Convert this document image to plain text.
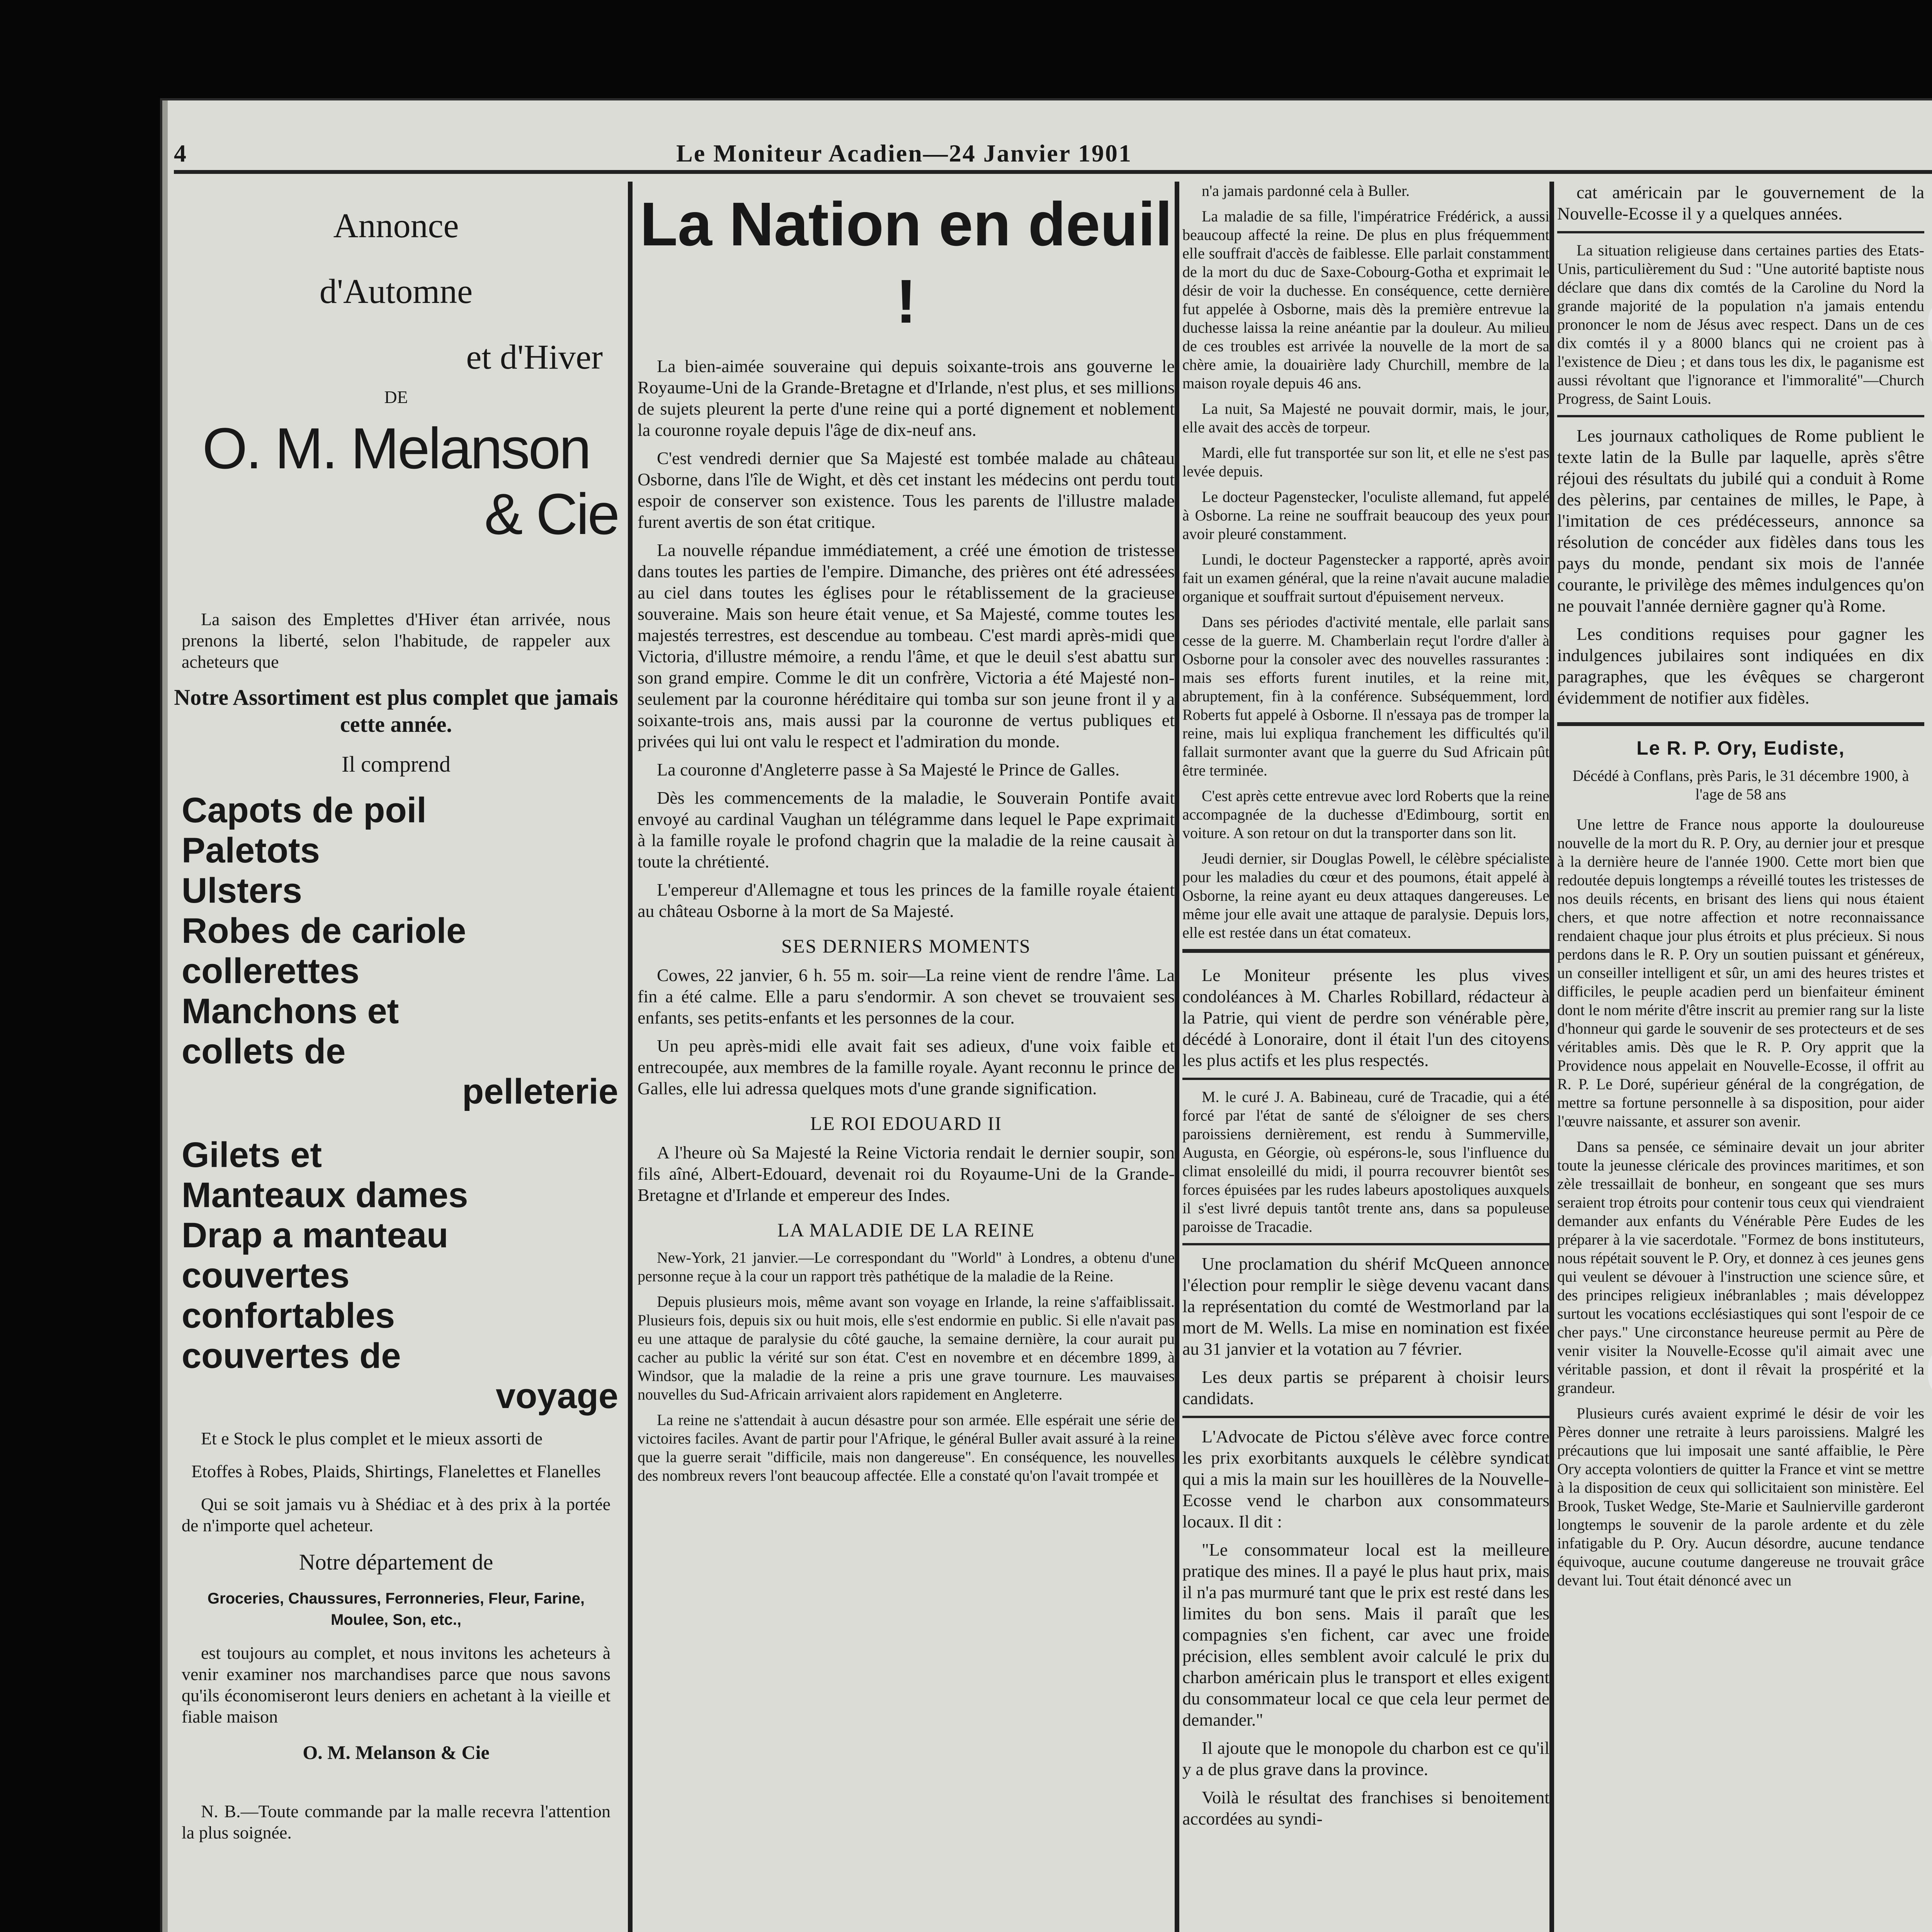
4	Le Moniteur Acadien—24 Janvier 1901
Annonce
d'Automne
et d'Hiver
DE
O. M. Melanson
& Cie

La saison des Emplettes d'Hiver étan arrivée, nous prenons la liberté, selon l'habitude, de rappeler aux acheteurs que

Notre Assortiment est plus complet que jamais cette année.
Il comprend
Capots de poil
Paletots
Ulsters
Robes de cariole
collerettes
Manchons et
collets de
pelleterie
Gilets et
Manteaux dames
Drap a manteau
couvertes
confortables
couvertes de
voyage

Et e Stock le plus complet et le mieux assorti de

Etoffes à Robes, Plaids, Shirtings, Flanelettes et Flanelles

Qui se soit jamais vu à Shédiac et à des prix à la portée de n'importe quel acheteur.

Notre département de

Groceries, Chaussures, Ferronneries, Fleur, Farine, Moulee, Son, etc.,

est toujours au complet, et nous invitons les acheteurs à venir examiner nos marchandises parce que nous savons qu'ils économiseront leurs deniers en achetant à la vieille et fiable maison

O. M. Melanson & Cie

N. B.—Toute commande par la malle recevra l'attention la plus soignée.

La Nation en deuil !

La bien-aimée souveraine qui depuis soixante-trois ans gouverne le Royaume-Uni de la Grande-Bretagne et d'Irlande, n'est plus, et ses millions de sujets pleurent la perte d'une reine qui a porté dignement et noblement la couronne royale depuis l'âge de dix-neuf ans.

C'est vendredi dernier que Sa Majesté est tombée malade au château Osborne, dans l'île de Wight, et dès cet instant les médecins ont perdu tout espoir de conserver son existence. Tous les parents de l'illustre malade furent avertis de son état critique.

La nouvelle répandue immédiatement, a créé une émotion de tristesse dans toutes les parties de l'empire. Dimanche, des prières ont été adressées au ciel dans toutes les églises pour le rétablissement de la gracieuse souveraine. Mais son heure était venue, et Sa Majesté, comme toutes les majestés terrestres, est descendue au tombeau. C'est mardi après-midi que Victoria, d'illustre mémoire, a rendu l'âme, et que le deuil s'est abattu sur son grand empire. Comme le dit un confrère, Victoria a été Majesté non-seulement par la couronne héréditaire qui tomba sur son jeune front il y a soixante-trois ans, mais aussi par la couronne de vertus publiques et privées qui lui ont valu le respect et l'admiration du monde.

La couronne d'Angleterre passe à Sa Majesté le Prince de Galles.

Dès les commencements de la maladie, le Souverain Pontife avait envoyé au cardinal Vaughan un télégramme dans lequel le Pape exprimait à la famille royale le profond chagrin que la maladie de la reine causait à toute la chrétienté.

L'empereur d'Allemagne et tous les princes de la famille royale étaient au château Osborne à la mort de Sa Majesté.

SES DERNIERS MOMENTS

Cowes, 22 janvier, 6 h. 55 m. soir—La reine vient de rendre l'âme. La fin a été calme. Elle a paru s'endormir. A son chevet se trouvaient ses enfants, ses petits-enfants et les personnes de la cour.

Un peu après-midi elle avait fait ses adieux, d'une voix faible et entrecoupée, aux membres de la famille royale. Ayant reconnu le prince de Galles, elle lui adressa quelques mots d'une grande signification.

LE ROI EDOUARD II

A l'heure où Sa Majesté la Reine Victoria rendait le dernier soupir, son fils aîné, Albert-Edouard, devenait roi du Royaume-Uni de la Grande-Bretagne et d'Irlande et empereur des Indes.

LA MALADIE DE LA REINE

New-York, 21 janvier.—Le correspondant du "World" à Londres, a obtenu d'une personne reçue à la cour un rapport très pathétique de la maladie de la Reine.

Depuis plusieurs mois, même avant son voyage en Irlande, la reine s'affaiblissait. Plusieurs fois, depuis six ou huit mois, elle s'est endormie en public. Si elle n'avait pas eu une attaque de paralysie du côté gauche, la semaine dernière, la cour aurait pu cacher au public la vérité sur son état. C'est en novembre et en décembre 1899, à Windsor, que la maladie de la reine a pris une grave tournure. Les mauvaises nouvelles du Sud-Africain arrivaient alors rapidement en Angleterre.

La reine ne s'attendait à aucun désastre pour son armée. Elle espérait une série de victoires faciles. Avant de partir pour l'Afrique, le général Buller avait assuré à la reine que la guerre serait "difficile, mais non dangereuse". En conséquence, les nouvelles des nombreux revers l'ont beaucoup affectée. Elle a constaté qu'on l'avait trompée et

n'a jamais pardonné cela à Buller.

La maladie de sa fille, l'impératrice Frédérick, a aussi beaucoup affecté la reine. De plus en plus fréquemment elle souffrait d'accès de faiblesse. Elle parlait constamment de la mort du duc de Saxe-Cobourg-Gotha et exprimait le désir de voir la duchesse. En conséquence, cette dernière fut appelée à Osborne, mais dès la première entrevue la duchesse laissa la reine anéantie par la douleur. Au milieu de ces troubles est arrivée la nouvelle de la mort de sa chère amie, la douairière lady Churchill, membre de la maison royale depuis 46 ans.

La nuit, Sa Majesté ne pouvait dormir, mais, le jour, elle avait des accès de torpeur.

Mardi, elle fut transportée sur son lit, et elle ne s'est pas levée depuis.

Le docteur Pagenstecker, l'oculiste allemand, fut appelé à Osborne. La reine ne souffrait beaucoup des yeux pour avoir pleuré constamment.

Lundi, le docteur Pagenstecker a rapporté, après avoir fait un examen général, que la reine n'avait aucune maladie organique et souffrait surtout d'épuisement nerveux.

Dans ses périodes d'activité mentale, elle parlait sans cesse de la guerre. M. Chamberlain reçut l'ordre d'aller à Osborne pour la consoler avec des nouvelles rassurantes : mais ses efforts furent inutiles, et la reine mit, abruptement, fin à la conférence. Subséquemment, lord Roberts fut appelé à Osborne. Il n'essaya pas de tromper la reine, mais lui expliqua franchement les difficultés qu'il fallait surmonter avant que la guerre du Sud Africain pût être terminée.

C'est après cette entrevue avec lord Roberts que la reine accompagnée de la duchesse d'Edimbourg, sortit en voiture. A son retour on dut la transporter dans son lit.

Jeudi dernier, sir Douglas Powell, le célèbre spécialiste pour les maladies du cœur et des poumons, était appelé à Osborne, la reine ayant eu deux attaques dangereuses. Le même jour elle avait une attaque de paralysie. Depuis lors, elle est restée dans un état comateux.

Le Moniteur présente les plus vives condoléances à M. Charles Robillard, rédacteur à la Patrie, qui vient de perdre son vénérable père, décédé à Lonoraire, dont il était l'un des citoyens les plus actifs et les plus respectés.

M. le curé J. A. Babineau, curé de Tracadie, qui a été forcé par l'état de santé de s'éloigner de ses chers paroissiens dernièrement, est rendu à Summerville, Augusta, en Géorgie, où espérons-le, sous l'influence du climat ensoleillé du midi, il pourra recouvrer bientôt ses forces épuisées par les rudes labeurs apostoliques auxquels il s'est livré depuis tantôt trente ans, dans sa populeuse paroisse de Tracadie.

Une proclamation du shérif McQueen annonce l'élection pour remplir le siège devenu vacant dans la représentation du comté de Westmorland par la mort de M. Wells. La mise en nomination est fixée au 31 janvier et la votation au 7 février.

Les deux partis se préparent à choisir leurs candidats.

L'Advocate de Pictou s'élève avec force contre les prix exorbitants auxquels le célèbre syndicat qui a mis la main sur les houillères de la Nouvelle-Ecosse vend le charbon aux consommateurs locaux. Il dit :

"Le consommateur local est la meilleure pratique des mines. Il a payé le plus haut prix, mais il n'a pas murmuré tant que le prix est resté dans les limites du bon sens. Mais il paraît que les compagnies s'en fichent, car avec une froide précision, elles semblent avoir calculé le prix du charbon américain plus le transport et elles exigent du consommateur local ce que cela leur permet de demander."

Il ajoute que le monopole du charbon est ce qu'il y a de plus grave dans la province.

Voilà le résultat des franchises si benoitement accordées au syndi-

cat américain par le gouvernement de la Nouvelle-Ecosse il y a quelques années.

La situation religieuse dans certaines parties des Etats-Unis, particulièrement du Sud : "Une autorité baptiste nous déclare que dans dix comtés de la Caroline du Nord la grande majorité de la population n'a jamais entendu prononcer le nom de Jésus avec respect. Dans un de ces dix comtés il y a 8000 blancs qui ne croient pas à l'existence de Dieu ; et dans tous les dix, le paganisme est aussi révoltant que l'ignorance et l'immoralité"—Church Progress, de Saint Louis.

Les journaux catholiques de Rome publient le texte latin de la Bulle par laquelle, après s'être réjoui des résultats du jubilé qui a conduit à Rome des pèlerins, par centaines de milles, le Pape, à l'imitation de ces prédécesseurs, annonce sa résolution de concéder aux fidèles dans tous les pays du monde, pendant six mois de l'année courante, le privilège des mêmes indulgences qu'on ne pouvait l'année dernière gagner qu'à Rome.

Les conditions requises pour gagner les indulgences jubilaires sont indiquées en dix paragraphes, que les évêques se chargeront évidemment de notifier aux fidèles.

Le R. P. Ory, Eudiste,
Décédé à Conflans, près Paris, le 31 décembre 1900, à l'age de 58 ans

Une lettre de France nous apporte la douloureuse nouvelle de la mort du R. P. Ory, au dernier jour et presque à la dernière heure de l'année 1900. Cette mort bien que redoutée depuis longtemps a réveillé toutes les tristesses de nos deuils récents, en brisant des liens qui nous étaient chers, et que notre affection et notre reconnaissance rendaient chaque jour plus étroits et plus précieux. Si nous perdons dans le R. P. Ory un soutien puissant et généreux, un conseiller intelligent et sûr, un ami des heures tristes et difficiles, le peuple acadien perd un bienfaiteur éminent dont le nom mérite d'être inscrit au premier rang sur la liste d'honneur qui garde le souvenir de ses protecteurs et de ses véritables amis. Dès que le R. P. Ory apprit que la Providence nous appelait en Nouvelle-Ecosse, il offrit au R. P. Le Doré, supérieur général de la congrégation, de mettre sa fortune personnelle à sa disposition, pour aider l'œuvre naissante, et assurer son avenir.

Dans sa pensée, ce séminaire devait un jour abriter toute la jeunesse cléricale des provinces maritimes, et son zèle tressaillait de bonheur, en songeant que ses murs seraient trop étroits pour contenir tous ceux qui viendraient demander aux enfants du Vénérable Père Eudes de les préparer à la vie sacerdotale. "Formez de bons instituteurs, nous répétait souvent le P. Ory, et donnez à ces jeunes gens qui veulent se dévouer à l'instruction une science sûre, et des principes religieux inébranlables ; mais développez surtout les vocations ecclésiastiques qui sont l'espoir de ce cher pays." Une circonstance heureuse permit au Père de venir visiter la Nouvelle-Ecosse qu'il aimait avec une véritable passion, et dont il rêvait la prospérité et la grandeur.

Plusieurs curés avaient exprimé le désir de voir les Pères donner une retraite à leurs paroissiens. Malgré les précautions que lui imposait une santé affaiblie, le Père Ory accepta volontiers de quitter la France et vint se mettre à la disposition de ceux qui sollicitaient son ministère. Eel Brook, Tusket Wedge, Ste-Marie et Saulnierville garderont longtemps le souvenir de la parole ardente et du zèle infatigable du P. Ory. Aucun désordre, aucune tendance équivoque, aucune coutume dangereuse ne trouvait grâce devant lui. Tout était dénoncé avec un
